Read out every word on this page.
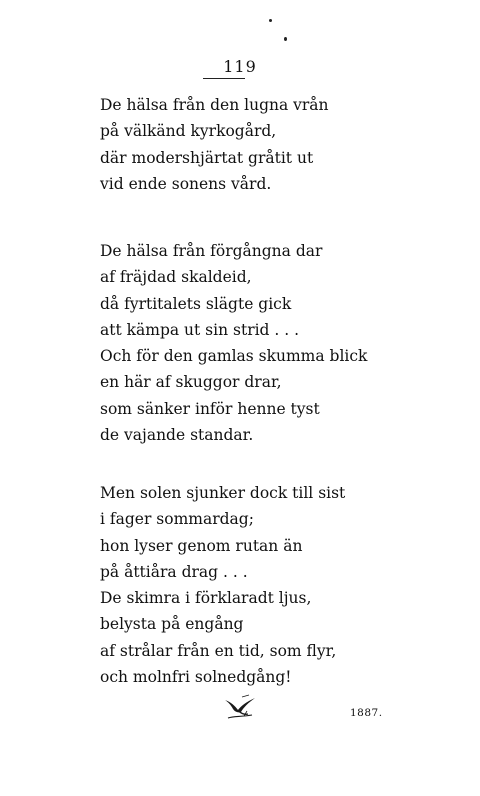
119
De hälsa från den lugna vrån
på välkänd kyrkogård,
där modershjärtat gråtit ut
vid ende sonens vård.
De hälsa från förgångna dar
af fräjdad skaldeid,
då fyrtitalets slägte gick
att kämpa ut sin strid . . .
Och för den gamlas skumma blick
en här af skuggor drar,
som sänker inför henne tyst
de vajande standar.
Men solen sjunker dock till sist
i fager sommardag;
hon lyser genom rutan än
på åttiåra drag . . .
De skimra i förklaradt ljus,
belysta på engång
af strålar från en tid, som flyr,
och molnfri solnedgång!
1887.
